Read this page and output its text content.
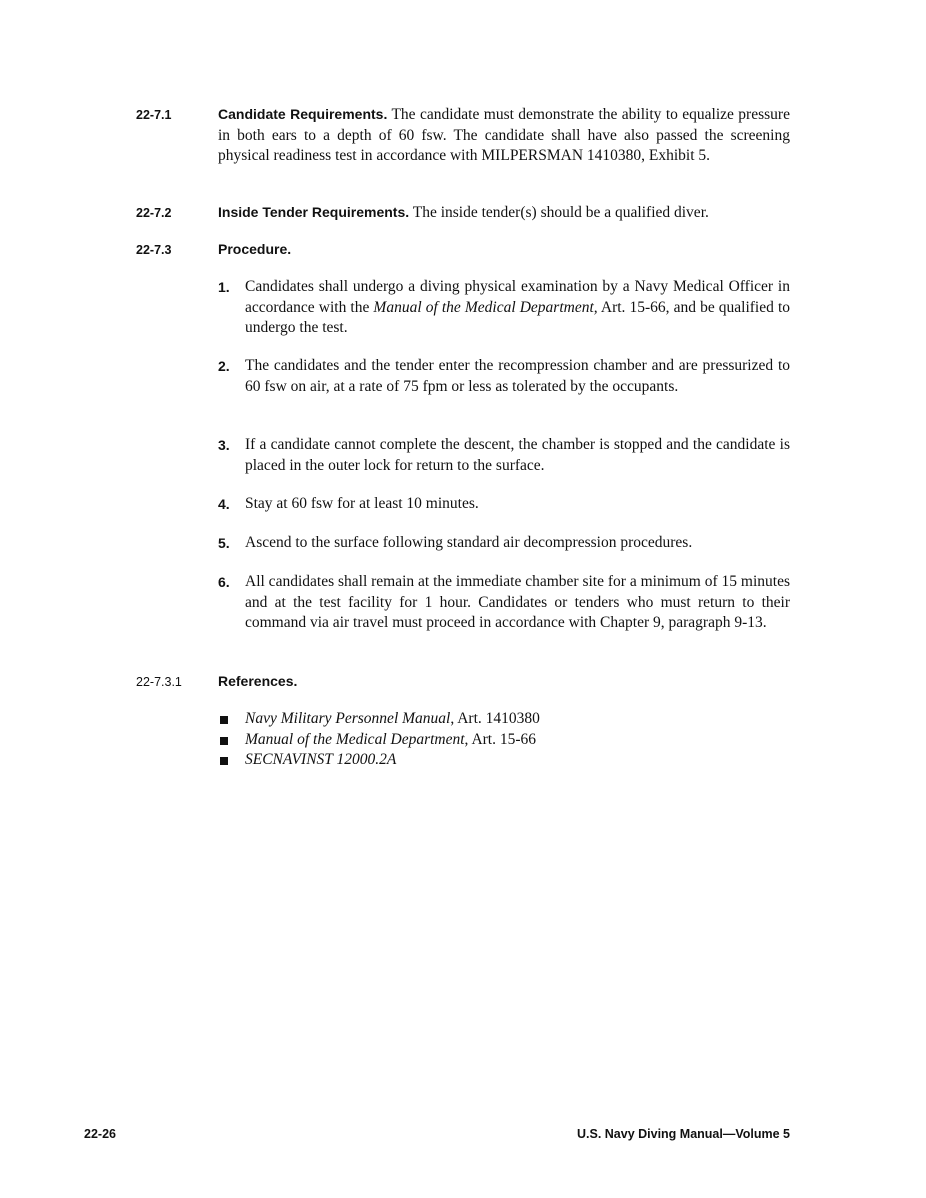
22-7.1	Candidate Requirements. The candidate must demonstrate the ability to equalize pressure in both ears to a depth of 60 fsw. The candidate shall have also passed the screening physical readiness test in accordance with MILPERSMAN 1410380, Exhibit 5.
22-7.2	Inside Tender Requirements. The inside tender(s) should be a qualified diver.
22-7.3	Procedure.
1. Candidates shall undergo a diving physical examination by a Navy Medical Officer in accordance with the Manual of the Medical Department, Art. 15-66, and be qualified to undergo the test.
2. The candidates and the tender enter the recompression chamber and are pressurized to 60 fsw on air, at a rate of 75 fpm or less as tolerated by the occupants.
3. If a candidate cannot complete the descent, the chamber is stopped and the candidate is placed in the outer lock for return to the surface.
4. Stay at 60 fsw for at least 10 minutes.
5. Ascend to the surface following standard air decompression procedures.
6. All candidates shall remain at the immediate chamber site for a minimum of 15 minutes and at the test facility for 1 hour. Candidates or tenders who must return to their command via air travel must proceed in accordance with Chapter 9, paragraph 9-13.
22-7.3.1	References.
Navy Military Personnel Manual, Art. 1410380
Manual of the Medical Department, Art. 15-66
SECNAVINST 12000.2A
22-26	U.S. Navy Diving Manual—Volume 5
